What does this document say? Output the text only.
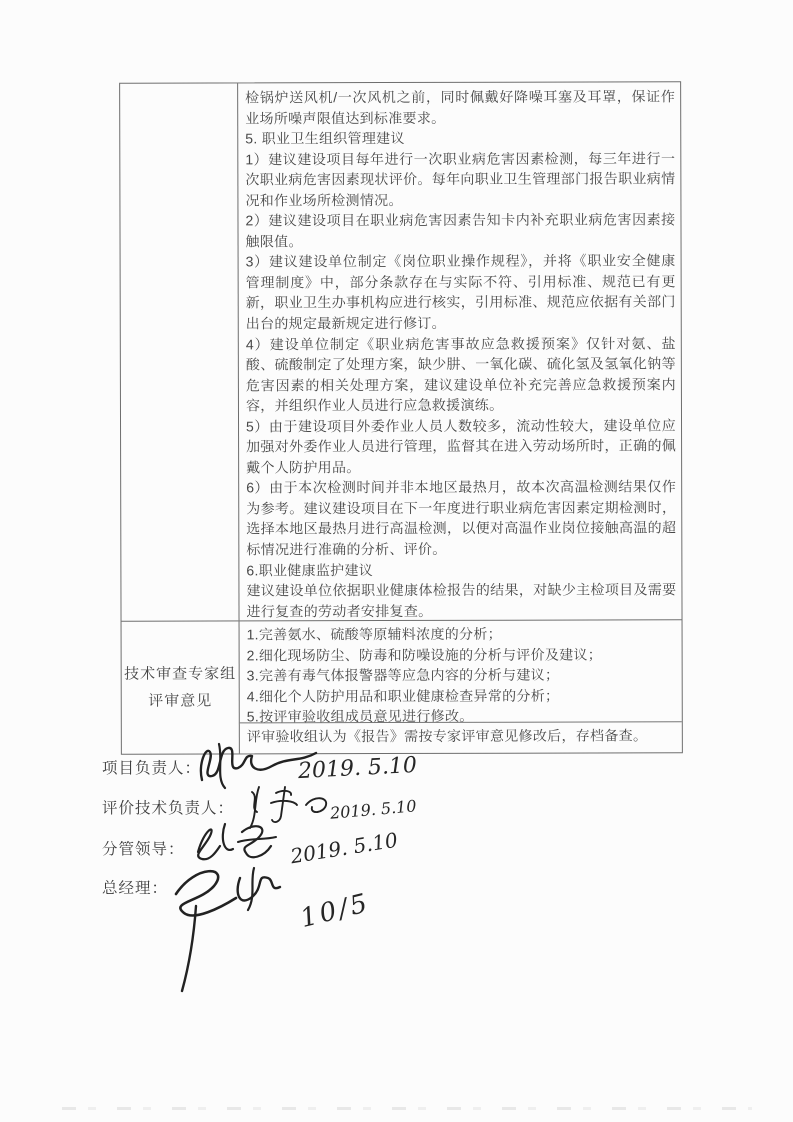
检锅炉送风机/一次风机之前，同时佩戴好降噪耳塞及耳罩，保证作业场所噪声限值达到标准要求。

5. 职业卫生组织管理建议

1）建议建设项目每年进行一次职业病危害因素检测，每三年进行一次职业病危害因素现状评价。每年向职业卫生管理部门报告职业病情况和作业场所检测情况。

2）建议建设项目在职业病危害因素告知卡内补充职业病危害因素接触限值。

3）建议建设单位制定《岗位职业操作规程》，并将《职业安全健康管理制度》中，部分条款存在与实际不符、引用标准、规范已有更新，职业卫生办事机构应进行核实，引用标准、规范应依据有关部门出台的规定最新规定进行修订。

4）建设单位制定《职业病危害事故应急救援预案》仅针对氨、盐酸、硫酸制定了处理方案，缺少肼、一氧化碳、硫化氢及氢氧化钠等危害因素的相关处理方案，建议建设单位补充完善应急救援预案内容，并组织作业人员进行应急救援演练。

5）由于建设项目外委作业人员人数较多，流动性较大，建设单位应加强对外委作业人员进行管理，监督其在进入劳动场所时，正确的佩戴个人防护用品。

6）由于本次检测时间并非本地区最热月，故本次高温检测结果仅作为参考。建议建设项目在下一年度进行职业病危害因素定期检测时，选择本地区最热月进行高温检测，以便对高温作业岗位接触高温的超标情况进行准确的分析、评价。

6.职业健康监护建议

建议建设单位依据职业健康体检报告的结果，对缺少主检项目及需要进行复查的劳动者安排复查。

技术审查专家组
评审意见

1.完善氨水、硫酸等原辅料浓度的分析；

2.细化现场防尘、防毒和防噪设施的分析与评价及建议；

3.完善有毒气体报警器等应急内容的分析与建议；

4.细化个人防护用品和职业健康检查异常的分析；

5.按评审验收组成员意见进行修改。

评审验收组认为《报告》需按专家评审意见修改后，存档备查。

项目负责人：	2019. 5.10
评价技术负责人：	2019. 5.10
分管领导：	2019. 5.10
总经理：	10/5
